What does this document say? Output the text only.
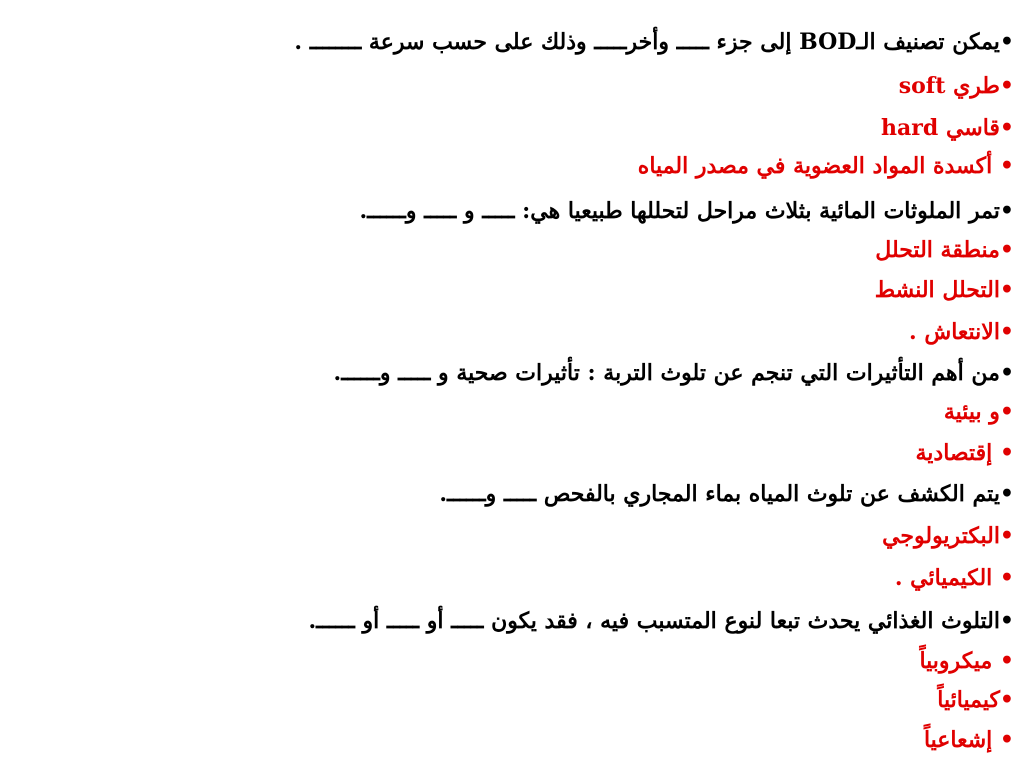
•يمكن تصنيف الـBOD إلى جزء ـــــ وأخرـــــ وذلك على حسب سرعة ــــــــ .
•طري soft
•قاسي hard
• أكسدة المواد العضوية في مصدر المياه
•تمر الملوثات المائية بثلاث مراحل لتحللها طبيعيا هي: ـــــ و ـــــ وــــــ.
•منطقة التحلل
•التحلل النشط
•الانتعاش .
•من أهم التأثيرات التي تنجم عن تلوث التربة : تأثيرات صحية و ـــــ وــــــ.
•و بيئية
• إقتصادية
•يتم الكشف عن تلوث المياه بماء المجاري بالفحص ـــــ وــــــ.
•البكتريولوجي
• الكيميائي .
•التلوث الغذائي يحدث تبعا لنوع المتسبب فيه ، فقد يكون ـــــ أو ـــــ أو ــــــ.
• ميكروبياً
•كيميائياً
• إشعاعياً
